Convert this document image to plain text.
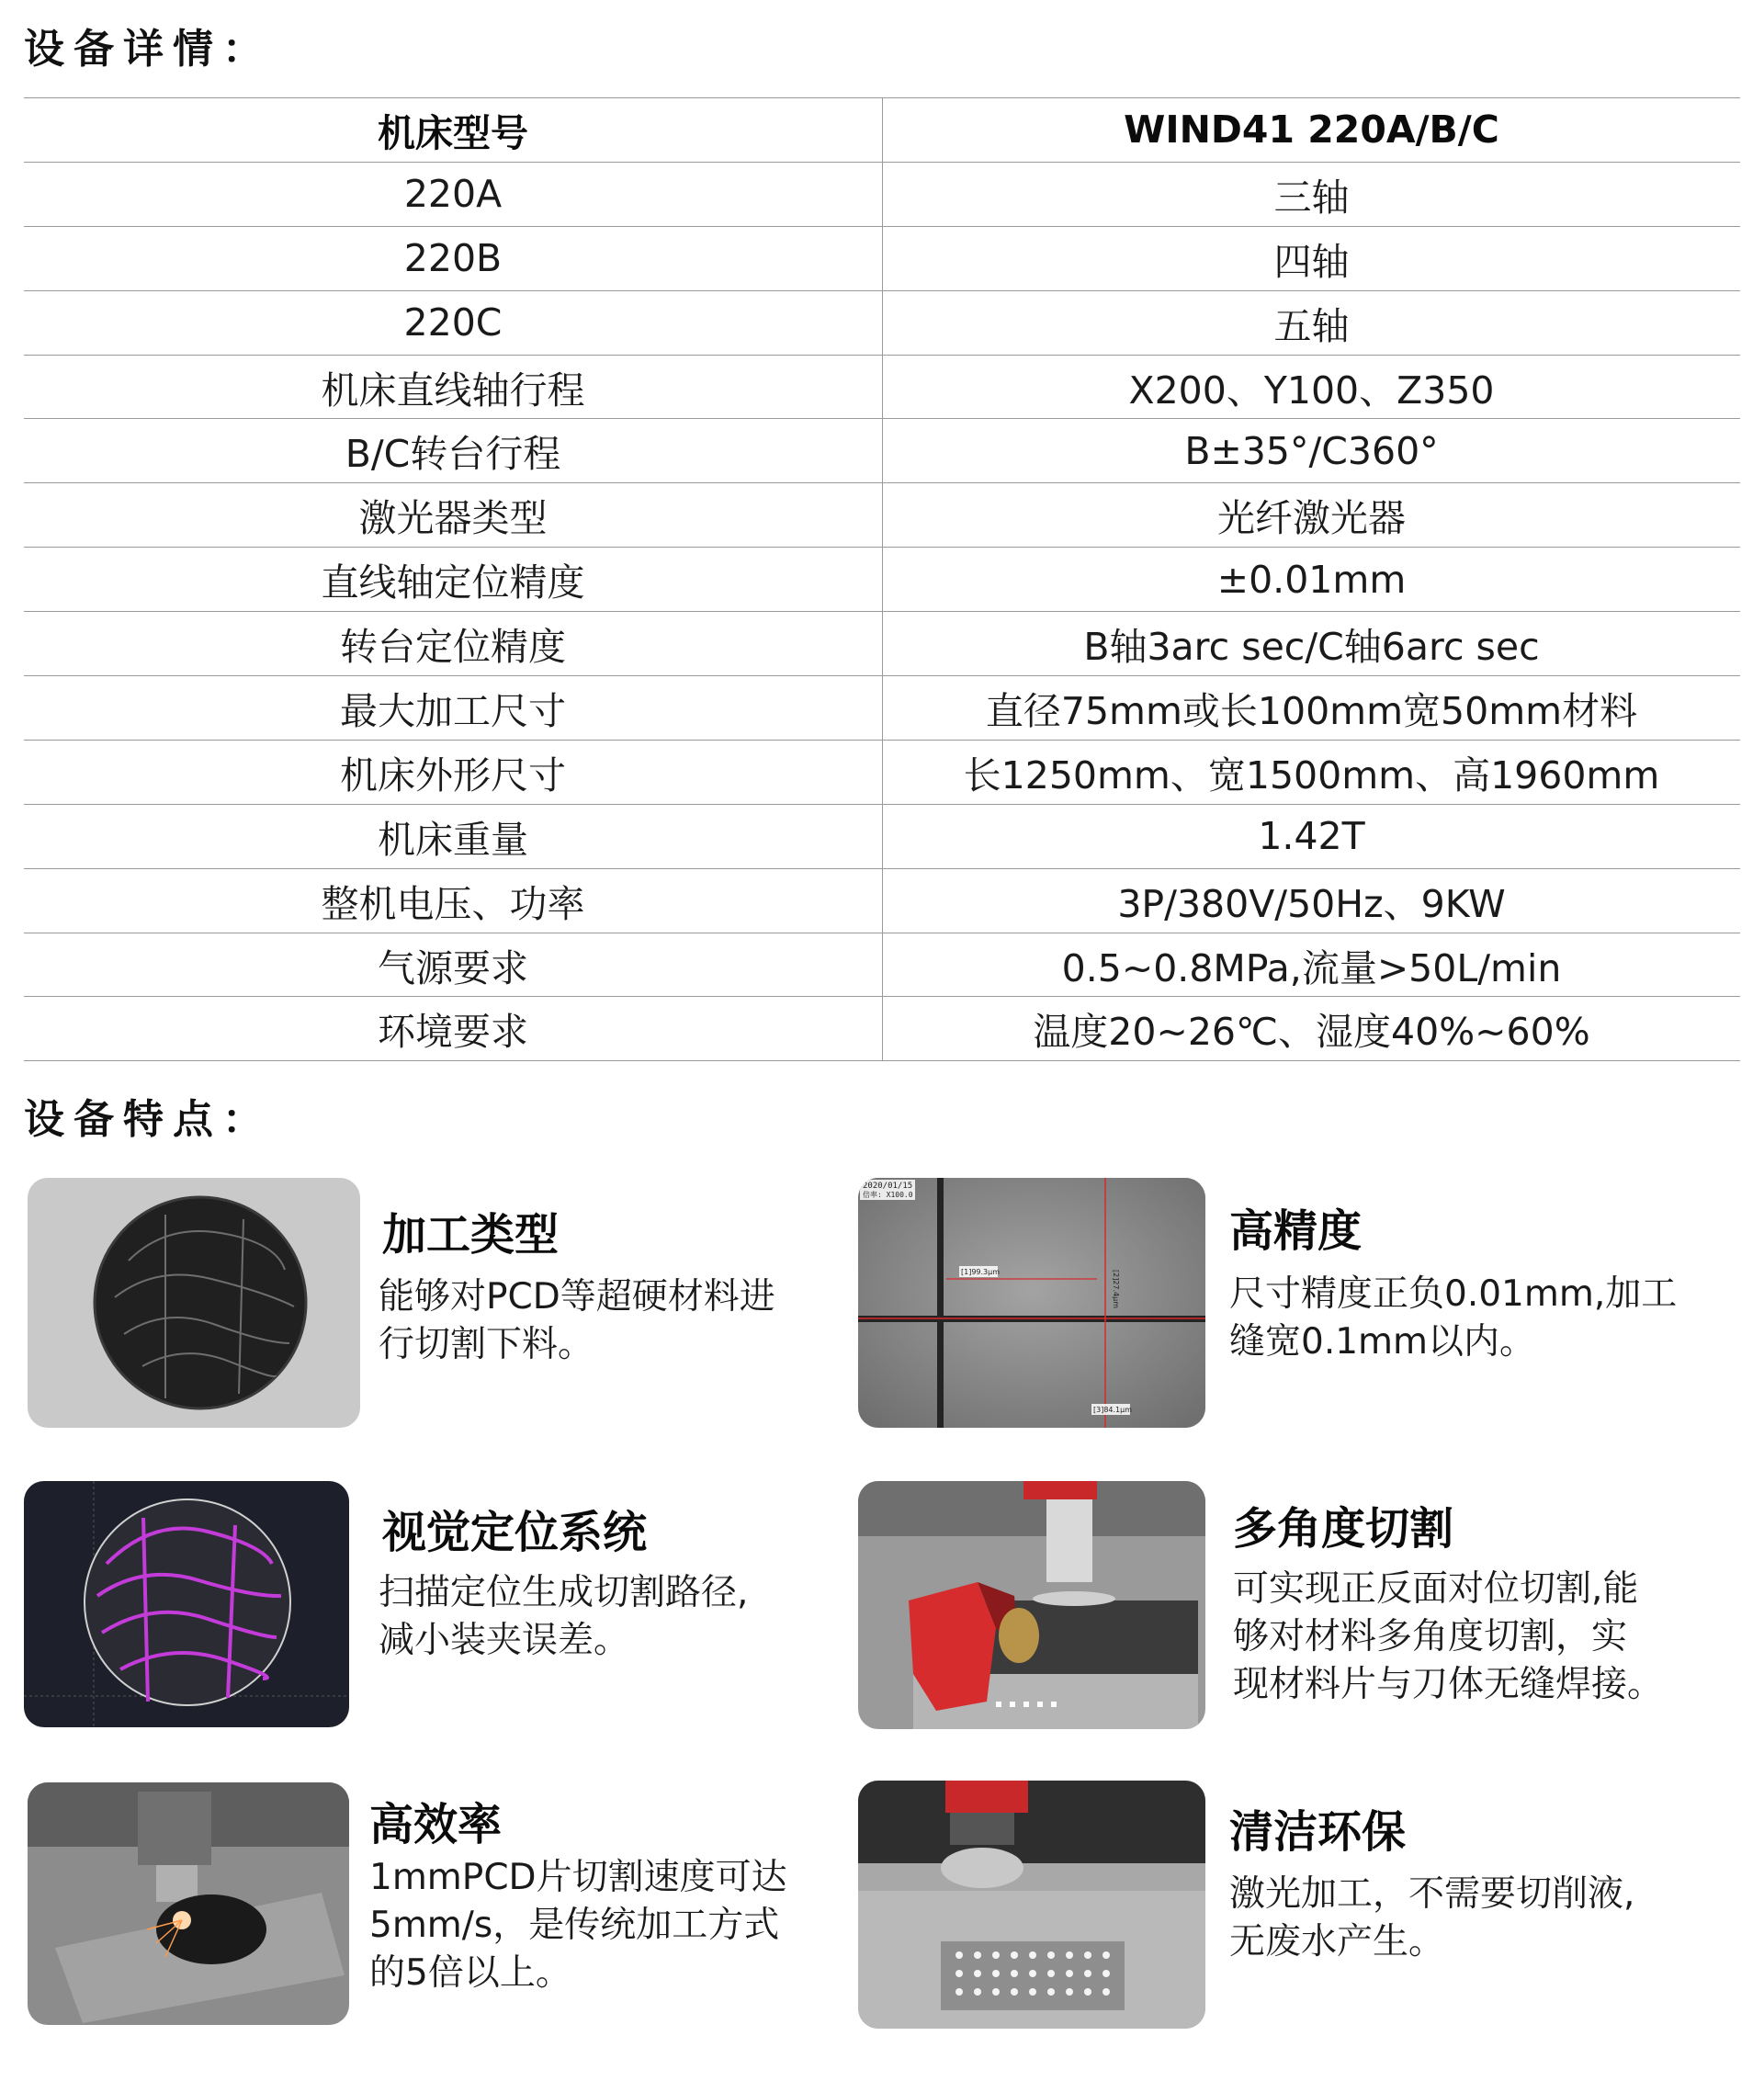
设备详情：
机床型号	WIND41 220A/B/C
220A	三轴
220B	四轴
220C	五轴
机床直线轴行程	X200、Y100、Z350
B/C转台行程	B±35°/C360°
激光器类型	光纤激光器
直线轴定位精度	±0.01mm
转台定位精度	B轴3arc sec/C轴6arc sec
最大加工尺寸	直径75mm或长100mm宽50mm材料
机床外形尺寸	长1250mm、宽1500mm、高1960mm
机床重量	1.42T
整机电压、功率	3P/380V/50Hz、9KW
气源要求	0.5~0.8MPa,流量>50L/min
环境要求	温度20~26℃、湿度40%~60%
设备特点：
加工类型
能够对PCD等超硬材料进
行切割下料。
2020/01/15
倍率: X100.0
[1]99.3μm	[2]27.4μm
[3]84.1μm
高精度
尺寸精度正负0.01mm,加工
缝宽0.1mm以内。
视觉定位系统
扫描定位生成切割路径,
减小装夹误差。
多角度切割
可实现正反面对位切割,能
够对材料多角度切割，实
现材料片与刀体无缝焊接。
高效率
1mmPCD片切割速度可达
5mm/s，是传统加工方式
的5倍以上。
清洁环保
激光加工，不需要切削液,
无废水产生。
